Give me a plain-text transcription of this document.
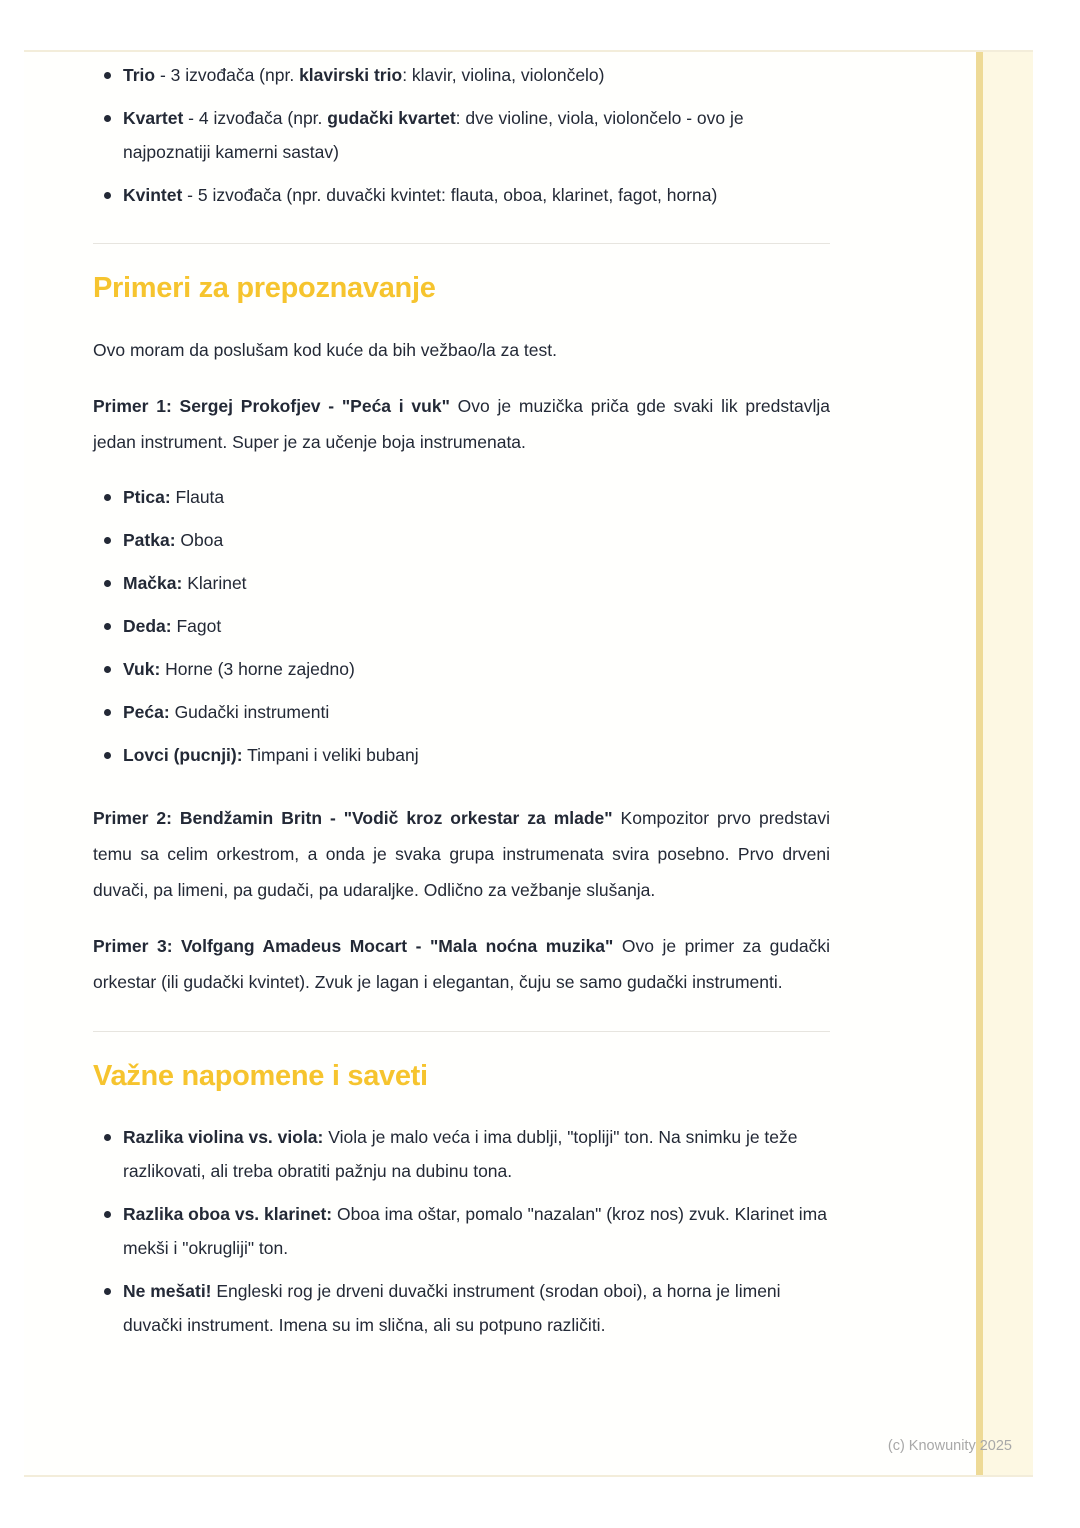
Trio - 3 izvođača (npr. klavirski trio: klavir, violina, violončelo)
Kvartet - 4 izvođača (npr. gudački kvartet: dve violine, viola, violončelo - ovo je najpoznatiji kamerni sastav)
Kvintet - 5 izvođača (npr. duvački kvintet: flauta, oboa, klarinet, fagot, horna)
Primeri za prepoznavanje

Ovo moram da poslušam kod kuće da bih vežbao/la za test.

Primer 1: Sergej Prokofjev - "Peća i vuk" Ovo je muzička priča gde svaki lik predstavlja jedan instrument. Super je za učenje boja instrumenata.

Ptica: Flauta
Patka: Oboa
Mačka: Klarinet
Deda: Fagot
Vuk: Horne (3 horne zajedno)
Peća: Gudački instrumenti
Lovci (pucnji): Timpani i veliki bubanj

Primer 2: Bendžamin Britn - "Vodič kroz orkestar za mlade" Kompozitor prvo predstavi temu sa celim orkestrom, a onda je svaka grupa instrumenata svira posebno. Prvo drveni duvači, pa limeni, pa gudači, pa udaraljke. Odlično za vežbanje slušanja.

Primer 3: Volfgang Amadeus Mocart - "Mala noćna muzika" Ovo je primer za gudački orkestar (ili gudački kvintet). Zvuk je lagan i elegantan, čuju se samo gudački instrumenti.

Važne napomene i saveti
Razlika violina vs. viola: Viola je malo veća i ima dublji, "topliji" ton. Na snimku je teže razlikovati, ali treba obratiti pažnju na dubinu tona.
Razlika oboa vs. klarinet: Oboa ima oštar, pomalo "nazalan" (kroz nos) zvuk. Klarinet ima mekši i "okrugliji" ton.
Ne mešati! Engleski rog je drveni duvački instrument (srodan oboi), a horna je limeni duvački instrument. Imena su im slična, ali su potpuno različiti.
(c) Knowunity 2025
